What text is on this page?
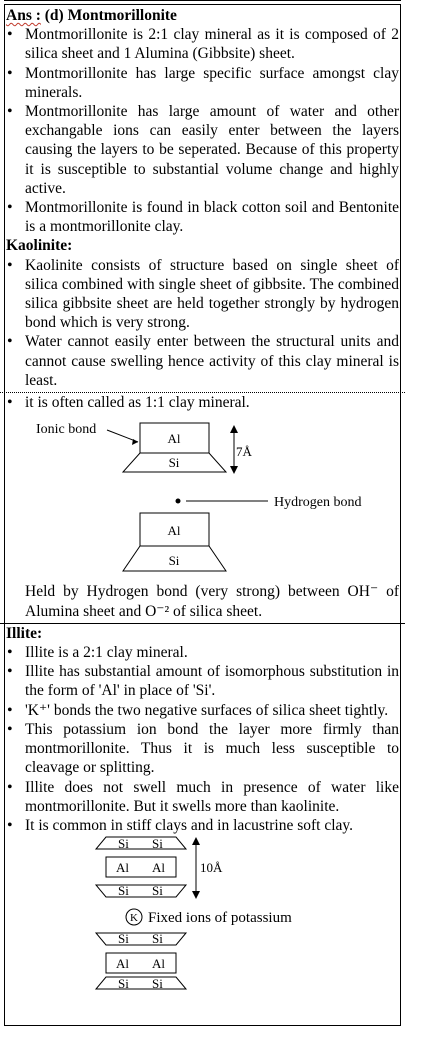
Ans : (d) Montmorillonite
• Montmorillonite is 2:1 clay mineral as it is composed of 2 silica sheet and 1 Alumina (Gibbsite) sheet.
• Montmorillonite has large specific surface amongst clay minerals.
• Montmorillonite has large amount of water and other exchangable ions can easily enter between the layers causing the layers to be seperated. Because of this property it is susceptible to substantial volume change and highly active.
• Montmorillonite is found in black cotton soil and Bentonite is a montmorillonite clay.
Kaolinite:
• Kaolinite consists of structure based on single sheet of silica combined with single sheet of gibbsite. The combined silica gibbsite sheet are held together strongly by hydrogen bond which is very strong.
• Water cannot easily enter between the structural units and cannot cause swelling hence activity of this clay mineral is least.
• it is often called as 1:1 clay mineral.
Ionic bond
Al
Si
7Å
Hydrogen bond
Al
Si
Held by Hydrogen bond (very strong) between OH⁻ of Alumina sheet and O⁻² of silica sheet.
Illite:
• Illite is a 2:1 clay mineral.
• Illite has substantial amount of isomorphous substitution in the form of 'Al' in place of 'Si'.
• 'K⁺' bonds the two negative surfaces of silica sheet tightly.
• This potassium ion bond the layer more firmly than montmorillonite. Thus it is much less susceptible to cleavage or splitting.
• Illite does not swell much in presence of water like montmorillonite. But it swells more than kaolinite.
• It is common in stiff clays and in lacustrine soft clay.
Si Si
Al Al
Si Si
10Å
K Fixed ions of potassium
Si Si
Al Al
Si Si
